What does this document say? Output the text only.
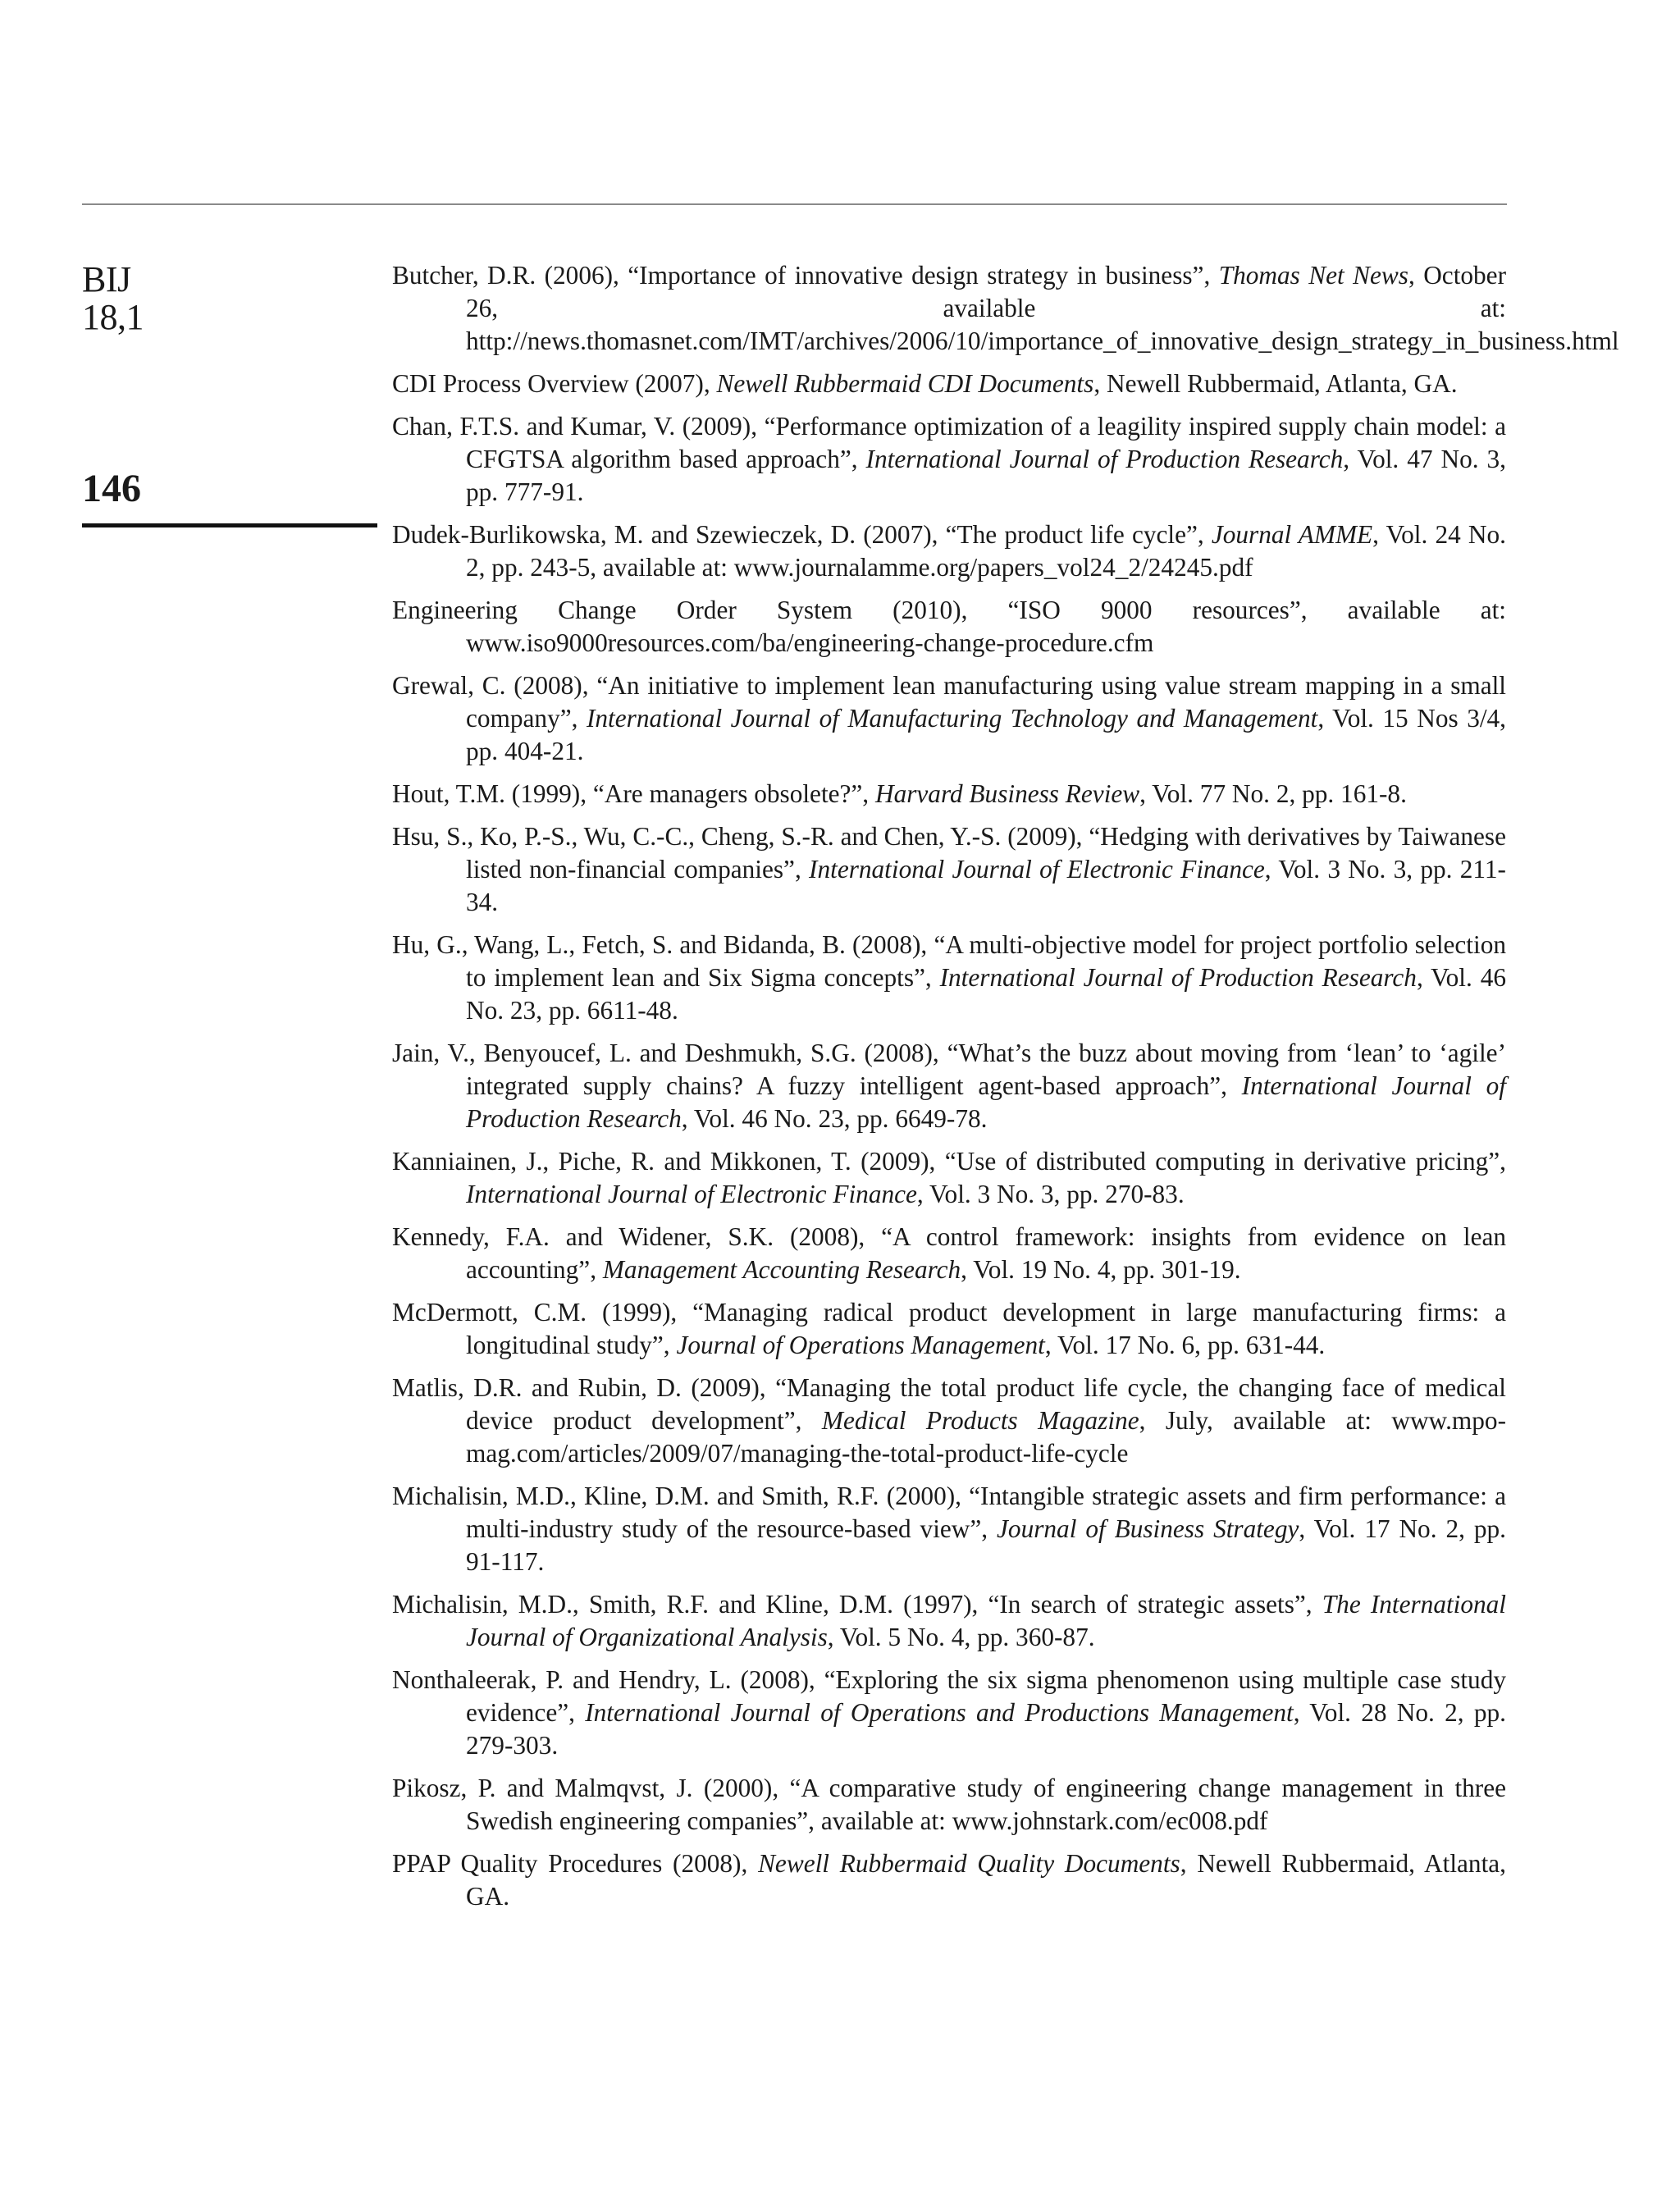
BIJ
18,1
146
Butcher, D.R. (2006), “Importance of innovative design strategy in business”, Thomas Net News, October 26, available at: http://news.thomasnet.com/IMT/archives/2006/10/importance_of_innovative_design_strategy_in_business.html
CDI Process Overview (2007), Newell Rubbermaid CDI Documents, Newell Rubbermaid, Atlanta, GA.
Chan, F.T.S. and Kumar, V. (2009), “Performance optimization of a leagility inspired supply chain model: a CFGTSA algorithm based approach”, International Journal of Production Research, Vol. 47 No. 3, pp. 777-91.
Dudek-Burlikowska, M. and Szewieczek, D. (2007), “The product life cycle”, Journal AMME, Vol. 24 No. 2, pp. 243-5, available at: www.journalamme.org/papers_vol24_2/24245.pdf
Engineering Change Order System (2010), “ISO 9000 resources”, available at: www.iso9000resources.com/ba/engineering-change-procedure.cfm
Grewal, C. (2008), “An initiative to implement lean manufacturing using value stream mapping in a small company”, International Journal of Manufacturing Technology and Management, Vol. 15 Nos 3/4, pp. 404-21.
Hout, T.M. (1999), “Are managers obsolete?”, Harvard Business Review, Vol. 77 No. 2, pp. 161-8.
Hsu, S., Ko, P.-S., Wu, C.-C., Cheng, S.-R. and Chen, Y.-S. (2009), “Hedging with derivatives by Taiwanese listed non-financial companies”, International Journal of Electronic Finance, Vol. 3 No. 3, pp. 211-34.
Hu, G., Wang, L., Fetch, S. and Bidanda, B. (2008), “A multi-objective model for project portfolio selection to implement lean and Six Sigma concepts”, International Journal of Production Research, Vol. 46 No. 23, pp. 6611-48.
Jain, V., Benyoucef, L. and Deshmukh, S.G. (2008), “What’s the buzz about moving from ‘lean’ to ‘agile’ integrated supply chains? A fuzzy intelligent agent-based approach”, International Journal of Production Research, Vol. 46 No. 23, pp. 6649-78.
Kanniainen, J., Piche, R. and Mikkonen, T. (2009), “Use of distributed computing in derivative pricing”, International Journal of Electronic Finance, Vol. 3 No. 3, pp. 270-83.
Kennedy, F.A. and Widener, S.K. (2008), “A control framework: insights from evidence on lean accounting”, Management Accounting Research, Vol. 19 No. 4, pp. 301-19.
McDermott, C.M. (1999), “Managing radical product development in large manufacturing firms: a longitudinal study”, Journal of Operations Management, Vol. 17 No. 6, pp. 631-44.
Matlis, D.R. and Rubin, D. (2009), “Managing the total product life cycle, the changing face of medical device product development”, Medical Products Magazine, July, available at: www.mpo-mag.com/articles/2009/07/managing-the-total-product-life-cycle
Michalisin, M.D., Kline, D.M. and Smith, R.F. (2000), “Intangible strategic assets and firm performance: a multi-industry study of the resource-based view”, Journal of Business Strategy, Vol. 17 No. 2, pp. 91-117.
Michalisin, M.D., Smith, R.F. and Kline, D.M. (1997), “In search of strategic assets”, The International Journal of Organizational Analysis, Vol. 5 No. 4, pp. 360-87.
Nonthaleerak, P. and Hendry, L. (2008), “Exploring the six sigma phenomenon using multiple case study evidence”, International Journal of Operations and Productions Management, Vol. 28 No. 2, pp. 279-303.
Pikosz, P. and Malmqvst, J. (2000), “A comparative study of engineering change management in three Swedish engineering companies”, available at: www.johnstark.com/ec008.pdf
PPAP Quality Procedures (2008), Newell Rubbermaid Quality Documents, Newell Rubbermaid, Atlanta, GA.
